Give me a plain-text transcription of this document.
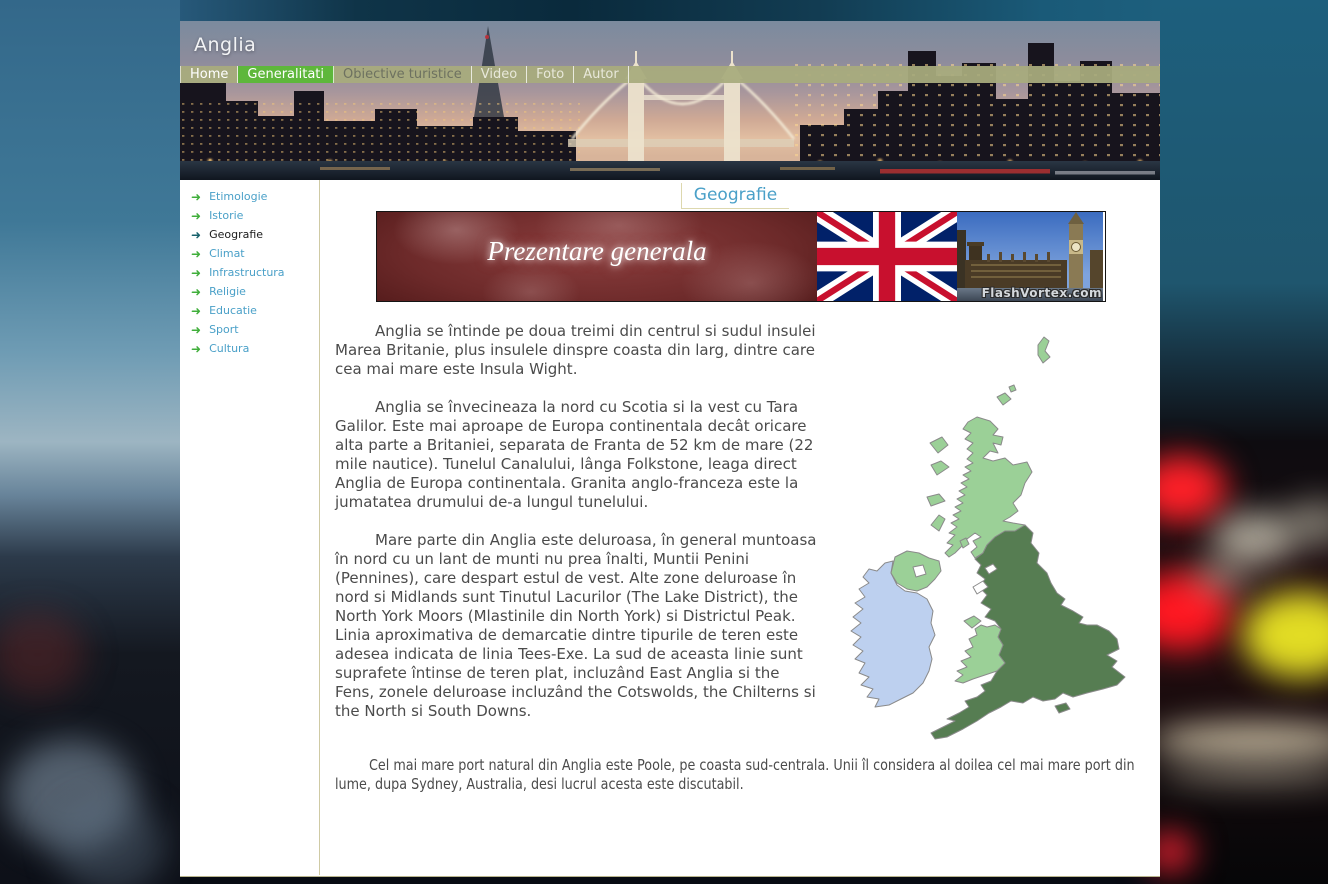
Anglia
Home	Generalitati	Obiective turistice	Video	Foto	Autor
➜ Etimologie
➜ Istorie
➜ Geografie
➜ Climat
➜ Infrastructura
➜ Religie
➜ Educatie
➜ Sport
➜ Cultura
Geografie
Prezentare generala
FlashVortex.com

Anglia se întinde pe doua treimi din centrul si sudul insulei Marea Britanie, plus insulele dinspre coasta din larg, dintre care cea mai mare este Insula Wight.

Anglia se învecineaza la nord cu Scotia si la vest cu Tara Galilor. Este mai aproape de Europa continentala decât oricare alta parte a Britaniei, separata de Franta de 52 km de mare (22 mile nautice). Tunelul Canalului, lânga Folkstone, leaga direct Anglia de Europa continentala. Granita anglo-franceza este la jumatatea drumului de-a lungul tunelului.

Mare parte din Anglia este deluroasa, în general muntoasa în nord cu un lant de munti nu prea înalti, Muntii Penini (Pennines), care despart estul de vest. Alte zone deluroase în nord si Midlands sunt Tinutul Lacurilor (The Lake District), the North York Moors (Mlastinile din North York) si Districtul Peak. Linia aproximativa de demarcatie dintre tipurile de teren este adesea indicata de linia Tees-Exe. La sud de aceasta linie sunt suprafete întinse de teren plat, incluzând East Anglia si the Fens, zonele deluroase incluzând the Cotswolds, the Chilterns si the North si South Downs.

Cel mai mare port natural din Anglia este Poole, pe coasta sud-centrala. Unii îl considera al doilea cel mai mare port din lume, dupa Sydney, Australia, desi lucrul acesta este discutabil.
